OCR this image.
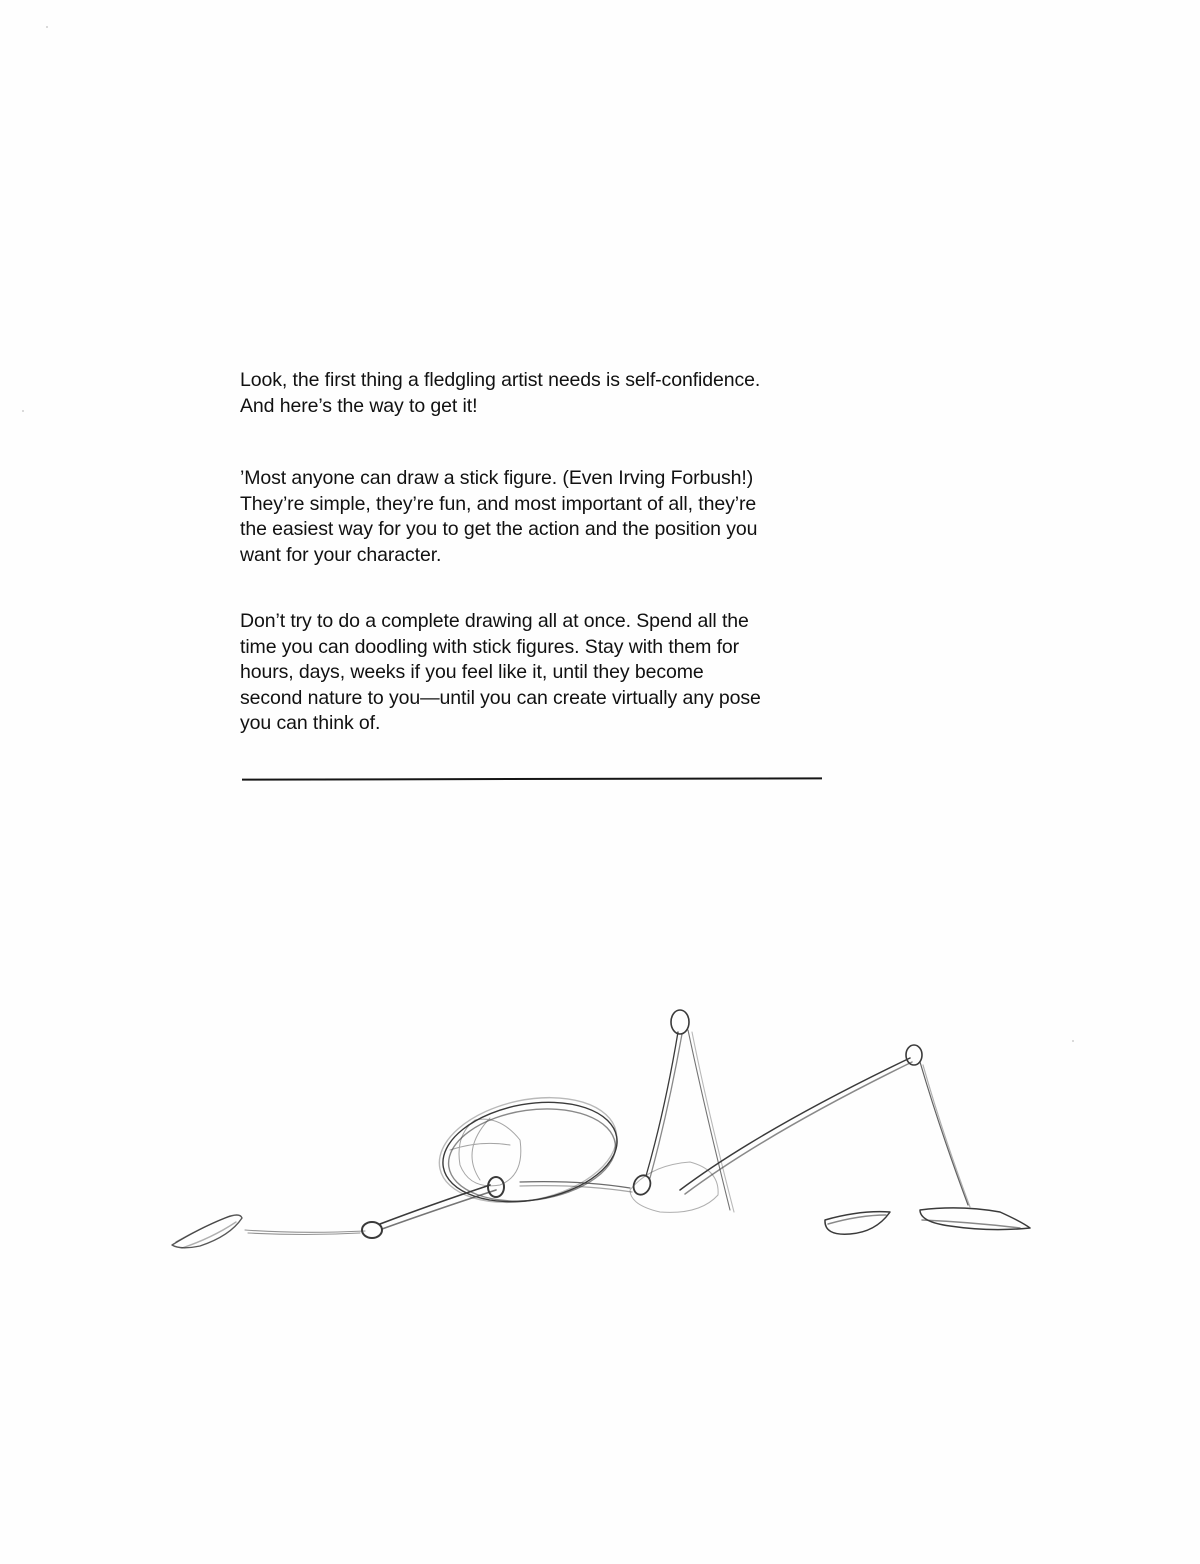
Look, the first thing a fledgling artist needs is self-confidence.
And here’s the way to get it!

’Most anyone can draw a stick figure. (Even Irving Forbush!)
They’re simple, they’re fun, and most important of all, they’re
the easiest way for you to get the action and the position you
want for your character.

Don’t try to do a complete drawing all at once. Spend all the
time you can doodling with stick figures. Stay with them for
hours, days, weeks if you feel like it, until they become
second nature to you—until you can create virtually any pose
you can think of.
